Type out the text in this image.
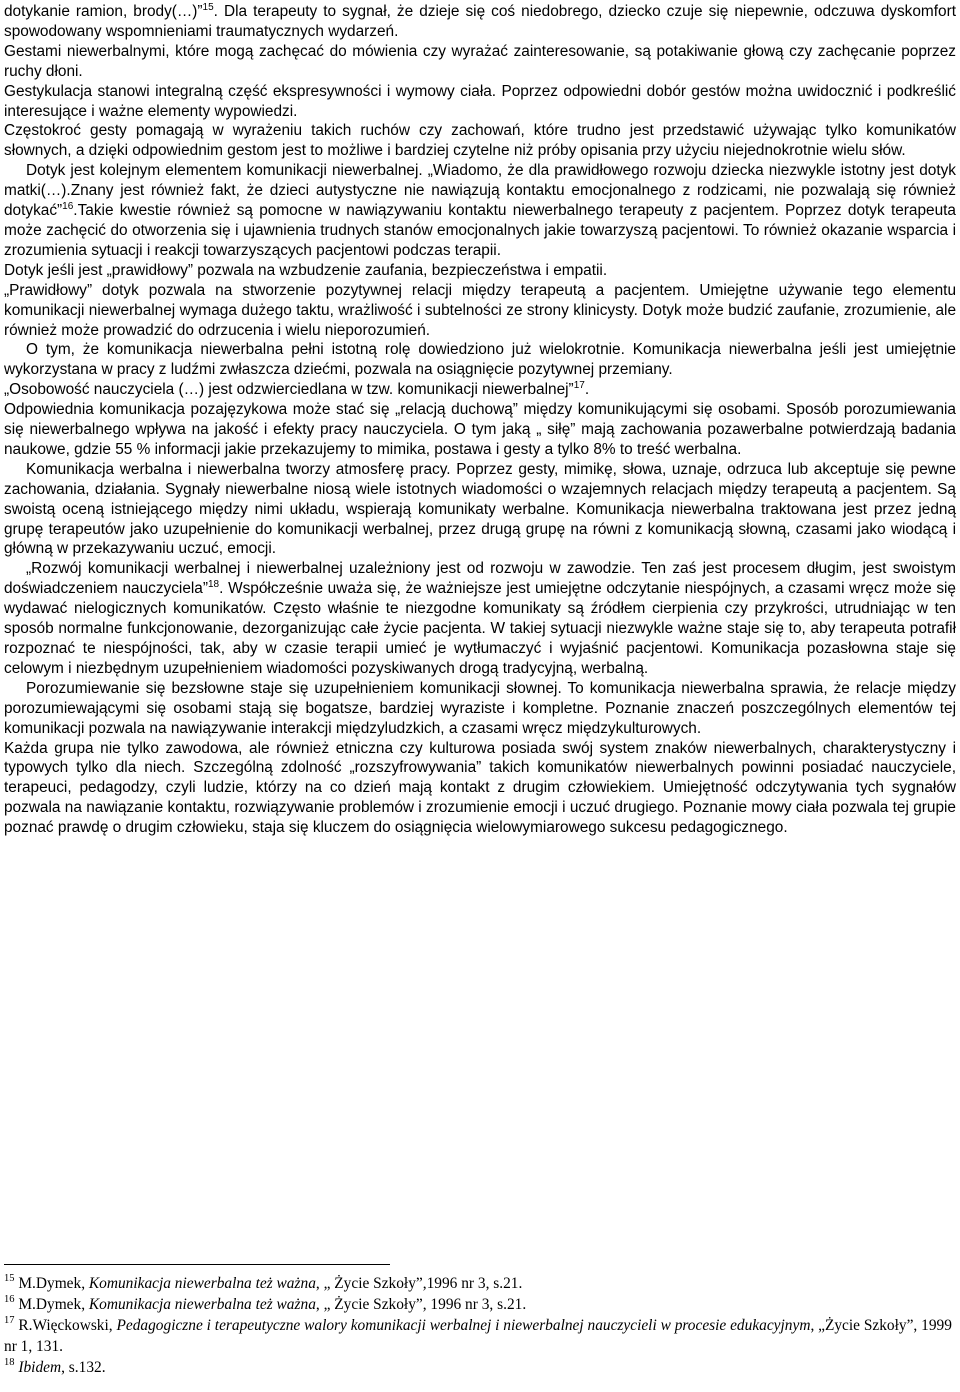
dotykanie ramion, brody(…)”$^{15}$. Dla terapeuty to sygnał, że dzieje się coś niedobrego, dziecko czuje się niepewnie, odczuwa dyskomfort spowodowany wspomnieniami traumatycznych wydarzeń.

Gestami niewerbalnymi, które mogą zachęcać do mówienia czy wyrażać zainteresowanie, są potakiwanie głową czy zachęcanie poprzez ruchy dłoni.

Gestykulacja stanowi integralną część ekspresywności i wymowy ciała. Poprzez odpowiedni dobór gestów można uwidocznić i podkreślić interesujące i ważne elementy wypowiedzi.

Częstokroć gesty pomagają w wyrażeniu takich ruchów czy zachowań, które trudno jest przedstawić używając tylko komunikatów słownych, a dzięki odpowiednim gestom jest to możliwe i bardziej czytelne niż próby opisania przy użyciu niejednokrotnie wielu słów.

Dotyk jest kolejnym elementem komunikacji niewerbalnej. „Wiadomo, że dla prawidłowego rozwoju dziecka niezwykle istotny jest dotyk matki(…).Znany jest również fakt, że dzieci autystyczne nie nawiązują kontaktu emocjonalnego z rodzicami, nie pozwalają się również dotykać”$^{16}$.Takie kwestie również są pomocne w nawiązywaniu kontaktu niewerbalnego terapeuty z pacjentem. Poprzez dotyk terapeuta może zachęcić do otworzenia się i ujawnienia trudnych stanów emocjonalnych jakie towarzyszą pacjentowi. To również okazanie wsparcia i zrozumienia sytuacji i reakcji towarzyszących pacjentowi podczas terapii.

Dotyk jeśli jest „prawidłowy” pozwala na wzbudzenie zaufania, bezpieczeństwa i empatii.

„Prawidłowy” dotyk pozwala na stworzenie pozytywnej relacji między terapeutą a pacjentem. Umiejętne używanie tego elementu komunikacji niewerbalnej wymaga dużego taktu, wrażliwość i subtelności ze strony klinicysty. Dotyk może budzić zaufanie, zrozumienie, ale również może prowadzić do odrzucenia i wielu nieporozumień.

O tym, że komunikacja niewerbalna pełni istotną rolę dowiedziono już wielokrotnie. Komunikacja niewerbalna jeśli jest umiejętnie wykorzystana w pracy z ludźmi zwłaszcza dziećmi, pozwala na osiągnięcie pozytywnej przemiany.

„Osobowość nauczyciela (…) jest odzwierciedlana w tzw. komunikacji niewerbalnej”$^{17}$.

Odpowiednia komunikacja pozajęzykowa może stać się „relacją duchową” między komunikującymi się osobami. Sposób porozumiewania się niewerbalnego wpływa na jakość i efekty pracy nauczyciela. O tym jaką „ siłę” mają zachowania pozawerbalne potwierdzają badania naukowe, gdzie 55 % informacji jakie przekazujemy to mimika, postawa i gesty a tylko 8% to treść werbalna.

Komunikacja werbalna i niewerbalna tworzy atmosferę pracy. Poprzez gesty, mimikę, słowa, uznaje, odrzuca lub akceptuje się pewne zachowania, działania. Sygnały niewerbalne niosą wiele istotnych wiadomości o wzajemnych relacjach między terapeutą a pacjentem. Są swoistą oceną istniejącego między nimi układu, wspierają komunikaty werbalne. Komunikacja niewerbalna traktowana jest przez jedną grupę terapeutów jako uzupełnienie do komunikacji werbalnej, przez drugą grupę na równi z komunikacją słowną, czasami jako wiodącą i główną w przekazywaniu uczuć, emocji.

„Rozwój komunikacji werbalnej i niewerbalnej uzależniony jest od rozwoju w zawodzie. Ten zaś jest procesem długim, jest swoistym doświadczeniem nauczyciela”$^{18}$. Współcześnie uważa się, że ważniejsze jest umiejętne odczytanie niespójnych, a czasami wręcz może się wydawać nielogicznych komunikatów. Często właśnie te niezgodne komunikaty są źródłem cierpienia czy przykrości, utrudniając w ten sposób normalne funkcjonowanie, dezorganizując całe życie pacjenta. W takiej sytuacji niezwykle ważne staje się to, aby terapeuta potrafił rozpoznać te niespójności, tak, aby w czasie terapii umieć je wytłumaczyć i wyjaśnić pacjentowi. Komunikacja pozasłowna staje się celowym i niezbędnym uzupełnieniem wiadomości pozyskiwanych drogą tradycyjną, werbalną.

Porozumiewanie się bezsłowne staje się uzupełnieniem komunikacji słownej. To komunikacja niewerbalna sprawia, że relacje między porozumiewającymi się osobami stają się bogatsze, bardziej wyraziste i kompletne. Poznanie znaczeń poszczególnych elementów tej komunikacji pozwala na nawiązywanie interakcji międzyludzkich, a czasami wręcz międzykulturowych.

Każda grupa nie tylko zawodowa, ale również etniczna czy kulturowa posiada swój system znaków niewerbalnych, charakterystyczny i typowych tylko dla niech. Szczególną zdolność „rozszyfrowywania” takich komunikatów niewerbalnych powinni posiadać nauczyciele, terapeuci, pedagodzy, czyli ludzie, którzy na co dzień mają kontakt z drugim człowiekiem. Umiejętność odczytywania tych sygnałów pozwala na nawiązanie kontaktu, rozwiązywanie problemów i zrozumienie emocji i uczuć drugiego. Poznanie mowy ciała pozwala tej grupie poznać prawdę o drugim człowieku, staja się kluczem do osiągnięcia wielowymiarowego sukcesu pedagogicznego.

$^{15}$ M.Dymek, Komunikacja niewerbalna też ważna, „ Życie Szkoły”,1996 nr 3, s.21.

$^{16}$ M.Dymek, Komunikacja niewerbalna też ważna, „ Życie Szkoły”, 1996 nr 3, s.21.

$^{17}$ R.Więckowski, Pedagogiczne i terapeutyczne walory komunikacji werbalnej i niewerbalnej nauczycieli w procesie edukacyjnym, „Życie Szkoły”, 1999 nr 1, 131.

$^{18}$ Ibidem, s.132.
